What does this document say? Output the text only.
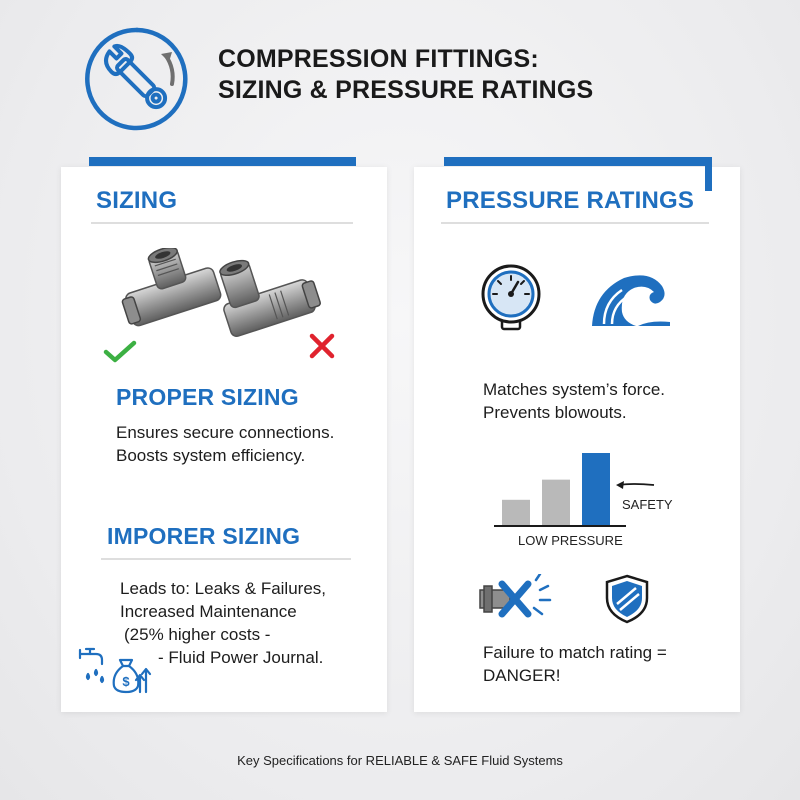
COMPRESSION FITTINGS:
SIZING & PRESSURE RATINGS
SIZING
PROPER SIZING
Ensures secure connections.
Boosts system efficiency.
IMPORER SIZING
Leads to: Leaks & Failures,
Increased Maintenance
(25% higher costs -
- Fluid Power Journal.
$
PRESSURE RATINGS
Matches system’s force.
Prevents blowouts.
SAFETY
LOW PRESSURE
Failure to match rating =
DANGER!
Key Specifications for RELIABLE & SAFE Fluid Systems
